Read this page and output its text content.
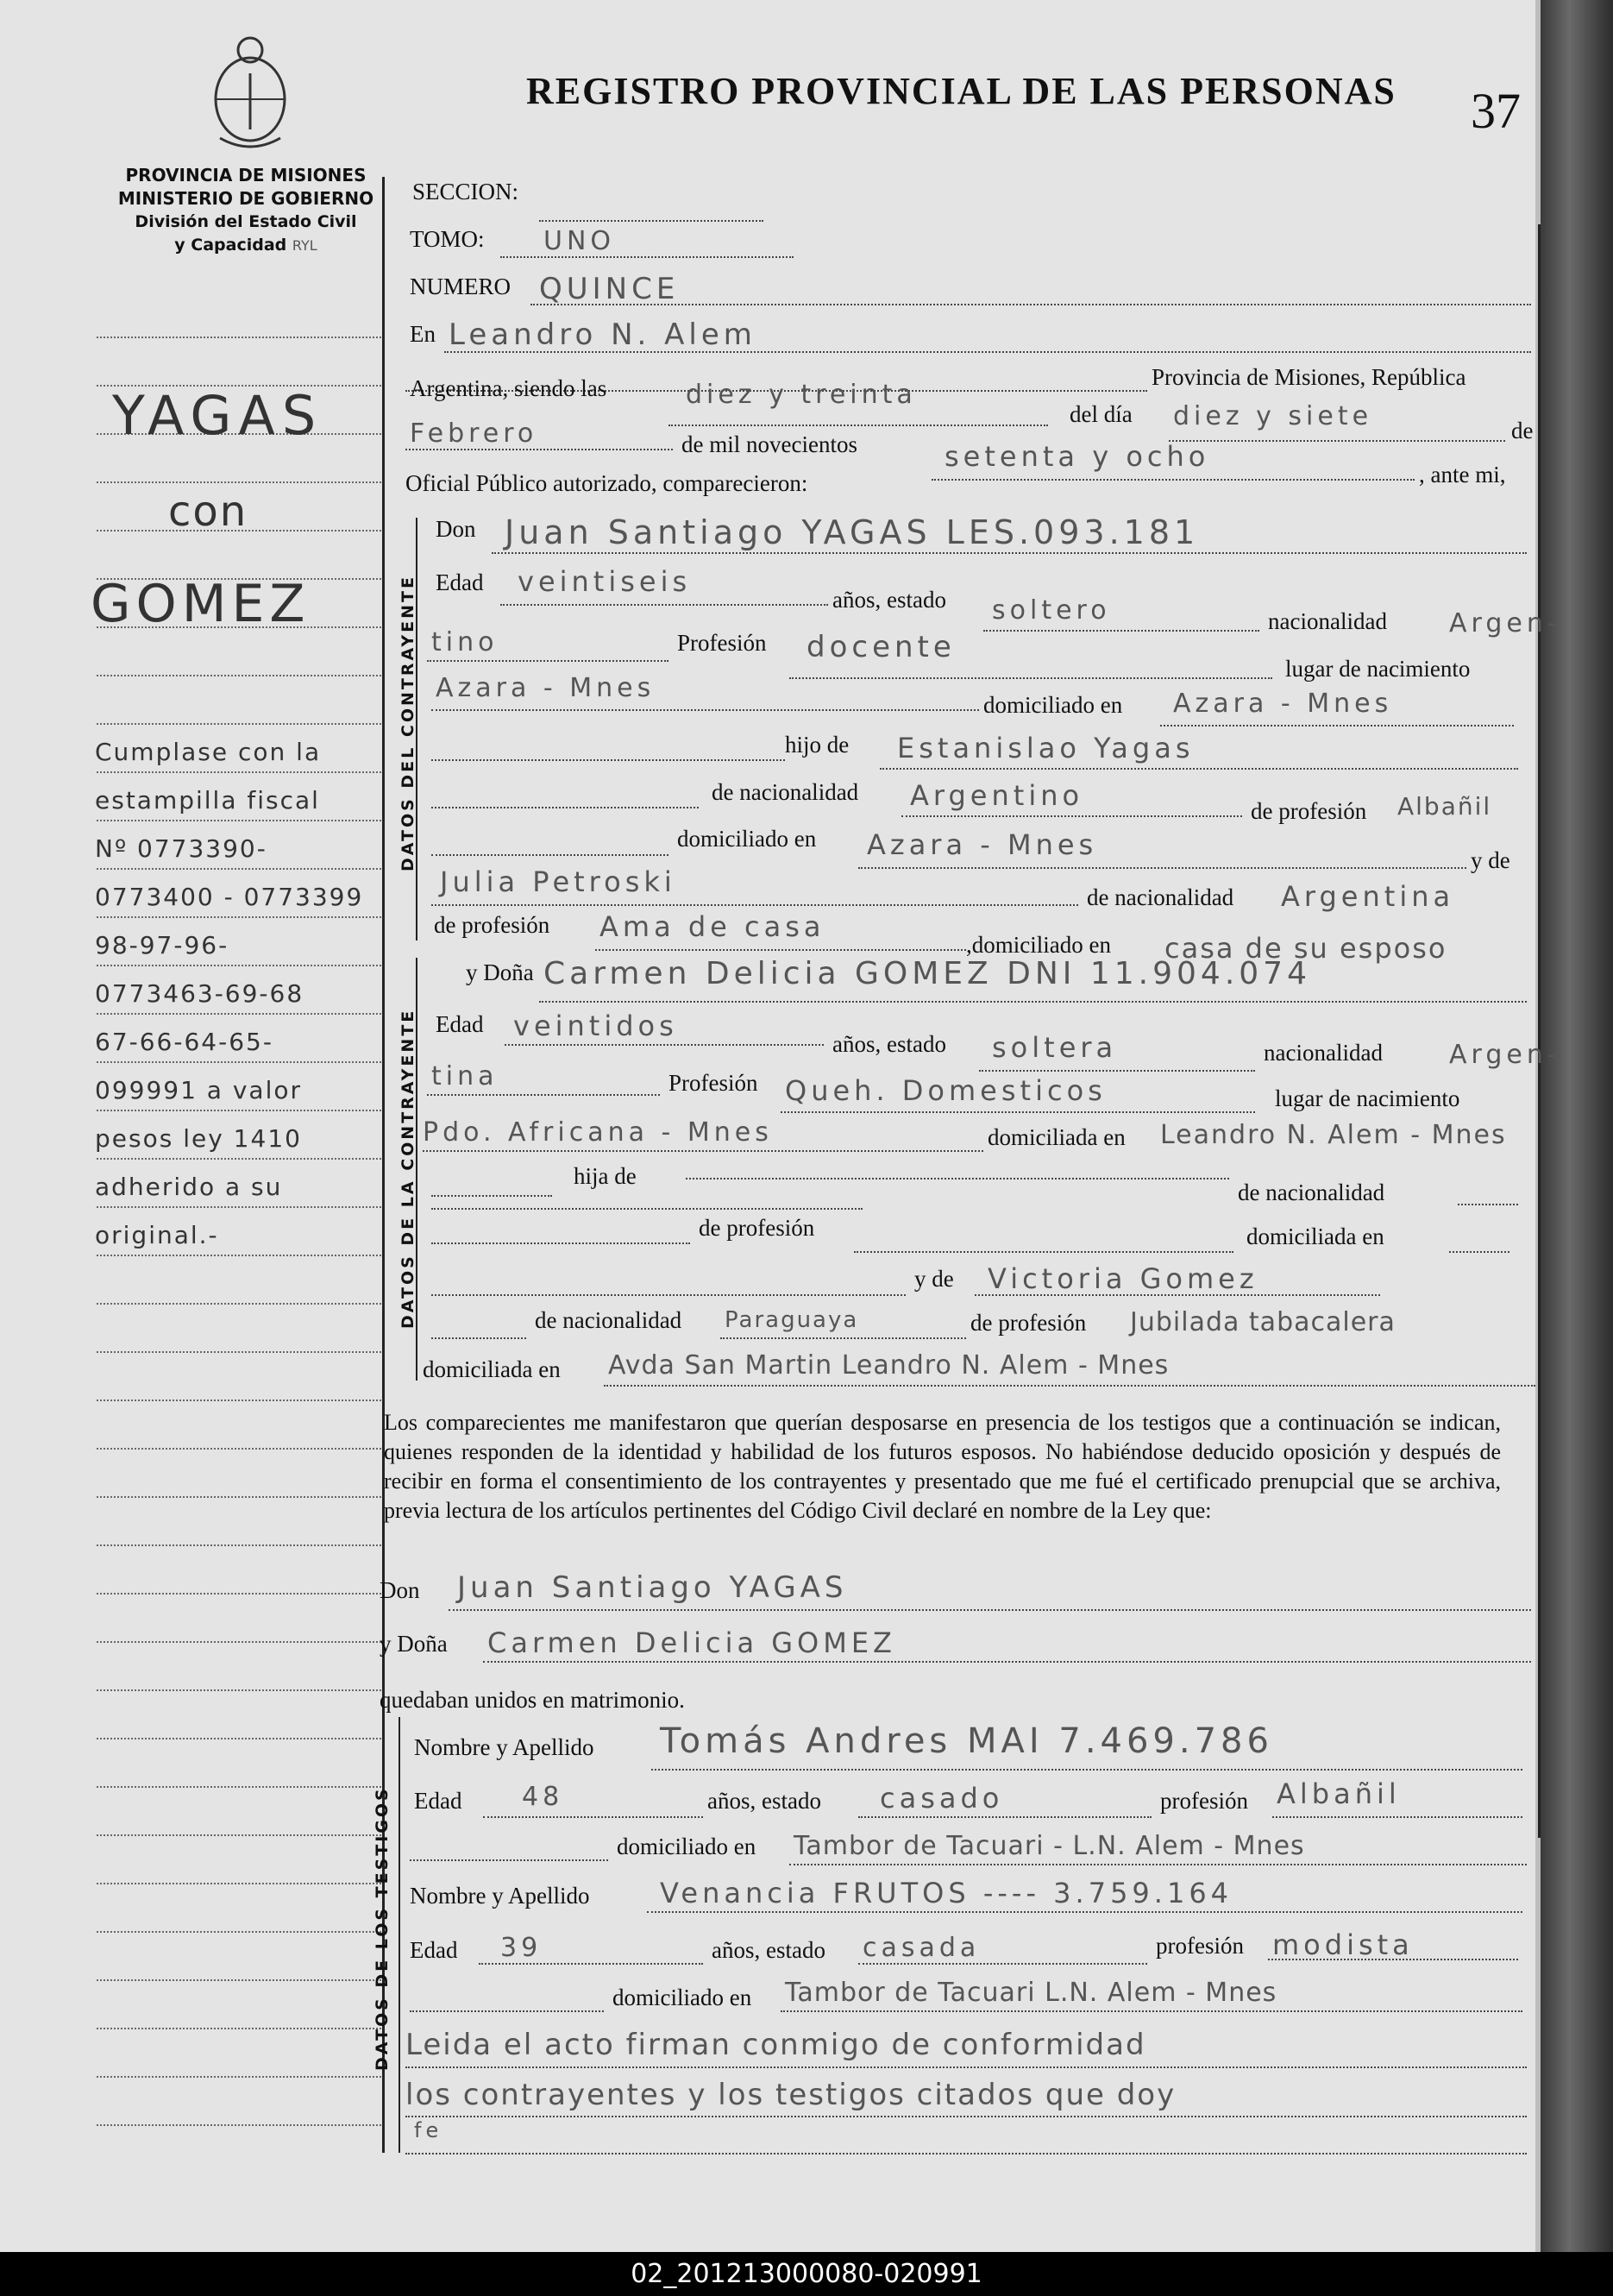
02_201213000080-020991
REGISTRO PROVINCIAL DE LAS PERSONAS 37
PROVINCIA DE MISIONES
MINISTERIO DE GOBIERNO
División del Estado Civil
y Capacidad RYL
YAGAS
con
GOMEZ
Cumplase con la
estampilla fiscal
Nº 0773390-
0773400 - 0773399
98-97-96-
0773463-69-68
67-66-64-65-
099991 a valor
pesos ley 1410
adherido a su
original.-
DATOS DEL CONTRAYENTE
DATOS DE LA CONTRAYENTE
DATOS DE LOS TESTIGOS
SECCION:
TOMO: UNO
NUMERO QUINCE
En Leandro N. Alem
Provincia de Misiones, República
Argentina, siendo las	diez y treinta
del día diez y siete	de
Febrero	de mil novecientos	setenta y ocho
, ante mi,
Oficial Público autorizado, comparecieron:
Don Juan Santiago YAGAS LES.093.181
Edad veintiseis
años, estado soltero	nacionalidad Argen-
tino	Profesión docente
lugar de nacimiento
Azara - Mnes
domiciliado en Azara - Mnes
hijo de Estanislao Yagas
de nacionalidad Argentino	de profesión Albañil
domiciliado en Azara - Mnes	y de
Julia Petroski	de nacionalidad Argentina
de profesión Ama de casa
,domiciliado en casa de su esposo
y Doña Carmen Delicia GOMEZ DNI 11.904.074
Edad veintidos
años, estado soltera	nacionalidad	Argen-
tina	Profesión Queh. Domesticos	lugar de nacimiento
Pdo. Africana - Mnes	domiciliada en Leandro N. Alem - Mnes
hija de
de nacionalidad
de profesión	domiciliada en
y de Victoria Gomez
de nacionalidad Paraguaya	de profesión Jubilada tabacalera
domiciliada en Avda San Martin Leandro N. Alem - Mnes
Los comparecientes me manifestaron que querían desposarse en presencia de los testigos que a continuación se indican, quienes responden de la identidad y habilidad de los futuros esposos. No habiéndose deducido oposición y después de recibir en forma el consentimiento de los contrayentes y presentado que me fué el certificado prenupcial que se archiva, previa lectura de los artículos pertinentes del Código Civil declaré en nombre de la Ley que:
Don Juan Santiago YAGAS
y Doña Carmen Delicia GOMEZ
quedaban unidos en matrimonio.
Nombre y Apellido Tomás Andres MAI 7.469.786
Edad 48	años, estado casado	profesión Albañil
domiciliado en Tambor de Tacuari - L.N. Alem - Mnes
Nombre y Apellido	Venancia FRUTOS ---- 3.759.164
Edad 39	años, estado casada	profesión modista
domiciliado en Tambor de Tacuari L.N. Alem - Mnes
Leida el acto firman conmigo de conformidad
los contrayentes y los testigos citados que doy
fe
